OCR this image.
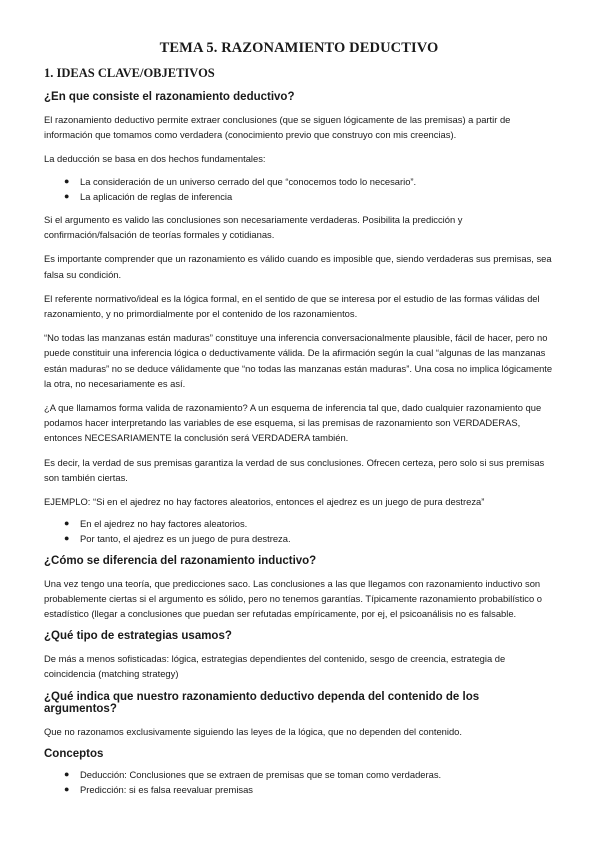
TEMA 5. RAZONAMIENTO DEDUCTIVO
1. IDEAS CLAVE/OBJETIVOS
¿En que consiste el razonamiento deductivo?

El razonamiento deductivo permite extraer conclusiones (que se siguen lógicamente de las premisas) a partir de información que tomamos como verdadera (conocimiento previo que construyo con mis creencias).

La deducción se basa en dos hechos fundamentales:

● La consideración de un universo cerrado del que “conocemos todo lo necesario”.
● La aplicación de reglas de inferencia

Si el argumento es valido las conclusiones son necesariamente verdaderas. Posibilita la predicción y confirmación/falsación de teorías formales y cotidianas.

Es importante comprender que un razonamiento es válido cuando es imposible que, siendo verdaderas sus premisas, sea falsa su condición.

El referente normativo/ideal es la lógica formal, en el sentido de que se interesa por el estudio de las formas válidas del razonamiento, y no primordialmente por el contenido de los razonamientos.

“No todas las manzanas están maduras” constituye una inferencia conversacionalmente plausible, fácil de hacer, pero no puede constituir una inferencia lógica o deductivamente válida. De la afirmación según la cual “algunas de las manzanas están maduras” no se deduce válidamente que “no todas las manzanas están maduras”. Una cosa no implica lógicamente la otra, no necesariamente es así.

¿A que llamamos forma valida de razonamiento? A un esquema de inferencia tal que, dado cualquier razonamiento que podamos hacer interpretando las variables de ese esquema, si las premisas de razonamiento son VERDADERAS, entonces NECESARIAMENTE la conclusión será VERDADERA también.

Es decir, la verdad de sus premisas garantiza la verdad de sus conclusiones. Ofrecen certeza, pero solo si sus premisas son también ciertas.

EJEMPLO: “Si en el ajedrez no hay factores aleatorios, entonces el ajedrez es un juego de pura destreza”

● En el ajedrez no hay factores aleatorios.
● Por tanto, el ajedrez es un juego de pura destreza.
¿Cómo se diferencia del razonamiento inductivo?

Una vez tengo una teoría, que predicciones saco. Las conclusiones a las que llegamos con razonamiento inductivo son probablemente ciertas si el argumento es sólido, pero no tenemos garantías. Típicamente razonamiento probabilístico o estadístico (llegar a conclusiones que puedan ser refutadas empíricamente, por ej, el psicoanálisis no es falsable.

¿Qué tipo de estrategias usamos?

De más a menos sofisticadas: lógica, estrategias dependientes del contenido, sesgo de creencia, estrategia de coincidencia (matching strategy)

¿Qué indica que nuestro razonamiento deductivo dependa del contenido de los argumentos?

Que no razonamos exclusivamente siguiendo las leyes de la lógica, que no dependen del contenido.

Conceptos
● Deducción: Conclusiones que se extraen de premisas que se toman como verdaderas.
● Predicción: si es falsa reevaluar premisas
